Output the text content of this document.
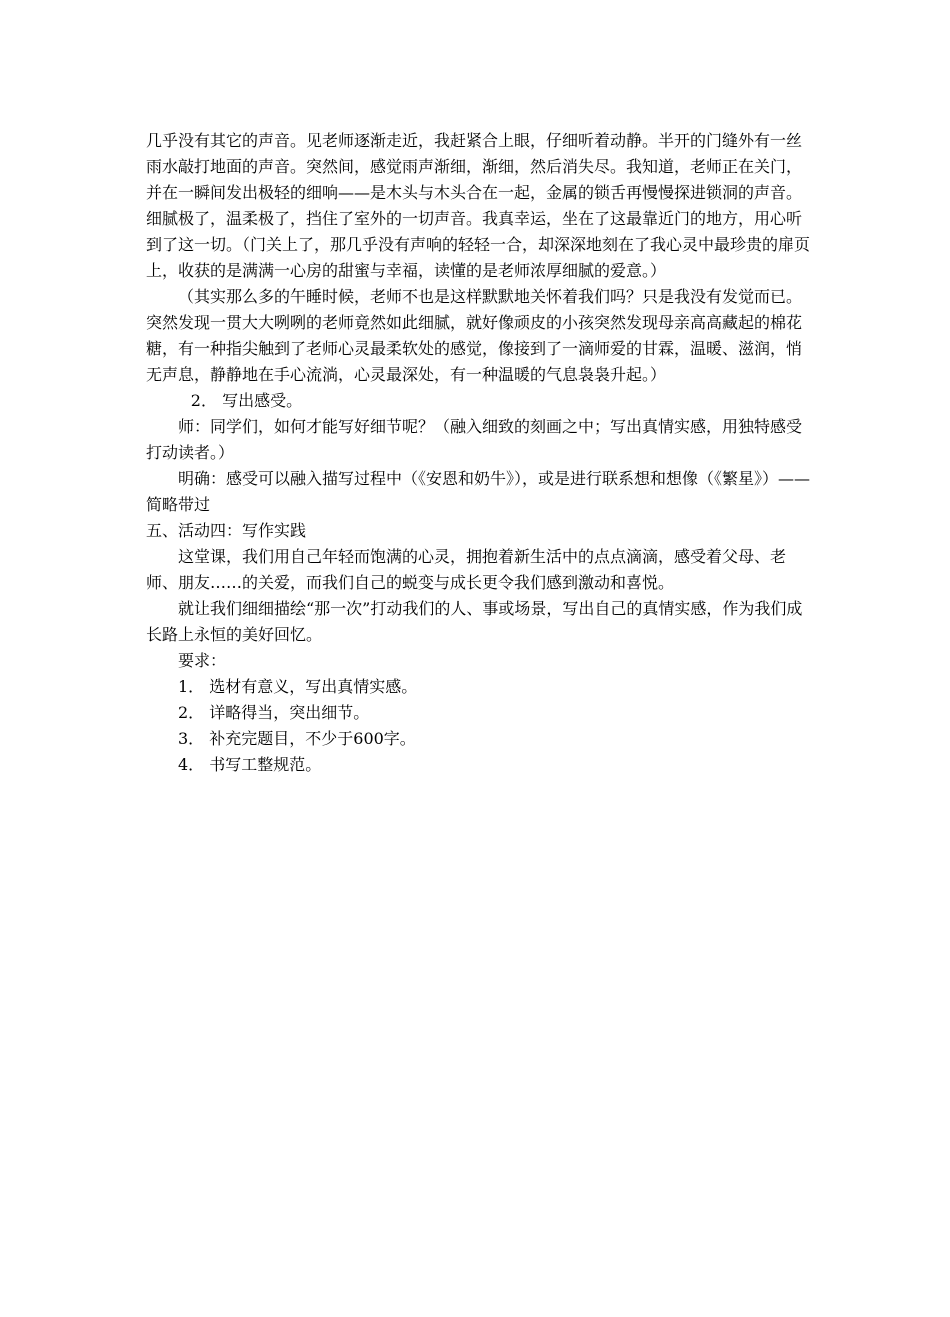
几乎没有其它的声音。见老师逐渐走近，我赶紧合上眼，仔细听着动静。半开的门缝外有一丝雨水敲打地面的声音。突然间，感觉雨声渐细，渐细，然后消失尽。我知道，老师正在关门，并在一瞬间发出极轻的细响——是木头与木头合在一起，金属的锁舌再慢慢探进锁洞的声音。细腻极了，温柔极了，挡住了室外的一切声音。我真幸运，坐在了这最靠近门的地方，用心听到了这一切。（门关上了，那几乎没有声响的轻轻一合，却深深地刻在了我心灵中最珍贵的扉页上，收获的是满满一心房的甜蜜与幸福，读懂的是老师浓厚细腻的爱意。）

（其实那么多的午睡时候，老师不也是这样默默地关怀着我们吗？只是我没有发觉而已。突然发现一贯大大咧咧的老师竟然如此细腻，就好像顽皮的小孩突然发现母亲高高藏起的棉花糖，有一种指尖触到了老师心灵最柔软处的感觉，像接到了一滴师爱的甘霖，温暖、滋润，悄无声息，静静地在手心流淌，心灵最深处，有一种温暖的气息袅袅升起。）

2． 写出感受。

师：同学们，如何才能写好细节呢？（融入细致的刻画之中；写出真情实感，用独特感受打动读者。）

明确：感受可以融入描写过程中（《安恩和奶牛》），或是进行联系想和想像（《繁星》）——简略带过

五、活动四：写作实践

这堂课，我们用自己年轻而饱满的心灵，拥抱着新生活中的点点滴滴，感受着父母、老师、朋友……的关爱，而我们自己的蜕变与成长更令我们感到激动和喜悦。

就让我们细细描绘“那一次”打动我们的人、事或场景，写出自己的真情实感，作为我们成长路上永恒的美好回忆。

要求：

1． 选材有意义，写出真情实感。

2． 详略得当，突出细节。

3． 补充完题目，不少于600字。

4． 书写工整规范。
